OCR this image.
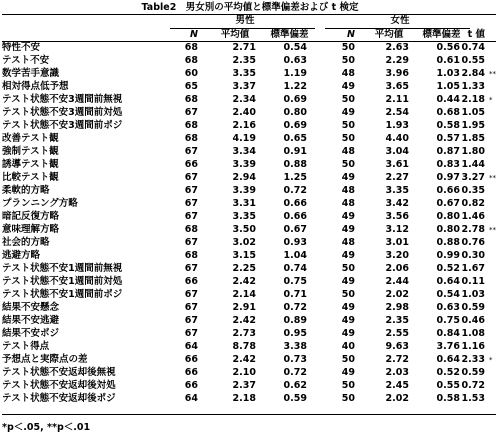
Table2　男女別の平均値と標準偏差および t 検定
男性	女性
N	平均値	標準偏差	N	平均値	標準偏差 t 値
特性不安	68	2.71	0.54	50	2.63	0.56 0.74
テスト不安	68	2.35	0.63	50	2.29	0.61 0.55
数学苦手意識	60	3.35	1.19	48	3.96	1.03 2.84 **
相対得点低予想	65	3.37	1.22	49	3.65	1.05 1.33
テスト状態不安3週間前無視	68	2.34	0.69	50	2.11	0.44 2.18 *
テスト状態不安3週間前対処	67	2.40	0.80	49	2.54	0.68 1.05
テスト状態不安3週間前ポジ	68	2.16	0.69	50	1.93	0.58 1.95
改善テスト観	68	4.19	0.65	50	4.40	0.57 1.85
強制テスト観	67	3.34	0.91	48	3.04	0.87 1.80
誘導テスト観	66	3.39	0.88	50	3.61	0.83 1.44
比較テスト観	67	2.94	1.25	49	2.27	0.97 3.27 **
柔軟的方略	67	3.39	0.72	48	3.35	0.66 0.35
プランニング方略	67	3.31	0.66	48	3.42	0.67 0.82
暗記反復方略	67	3.35	0.66	49	3.56	0.80 1.46
意味理解方略	68	3.50	0.67	49	3.12	0.80 2.78 **
社会的方略	67	3.02	0.93	48	3.01	0.88 0.76
逃避方略	68	3.15	1.04	49	3.20	0.99 0.30
テスト状態不安1週間前無視	67	2.25	0.74	50	2.06	0.52 1.67
テスト状態不安1週間前対処	66	2.42	0.75	49	2.44	0.64 0.11
テスト状態不安1週間前ポジ	67	2.14	0.71	50	2.02	0.54 1.03
結果不安懸念	67	2.91	0.72	49	2.98	0.63 0.59
結果不安逃避	67	2.42	0.89	49	2.35	0.75 0.46
結果不安ポジ	67	2.73	0.95	49	2.55	0.84 1.08
テスト得点	64	8.78	3.38	40	9.63	3.76 1.16
予想点と実際点の差	66	2.42	0.73	50	2.72	0.64 2.33 *
テスト状態不安返却後無視	66	2.10	0.72	49	2.03	0.52 0.59
テスト状態不安返却後対処	66	2.37	0.62	50	2.45	0.55 0.72
テスト状態不安返却後ポジ	64	2.18	0.59	50	2.02	0.58 1.53
*p＜.05, **p＜.01
